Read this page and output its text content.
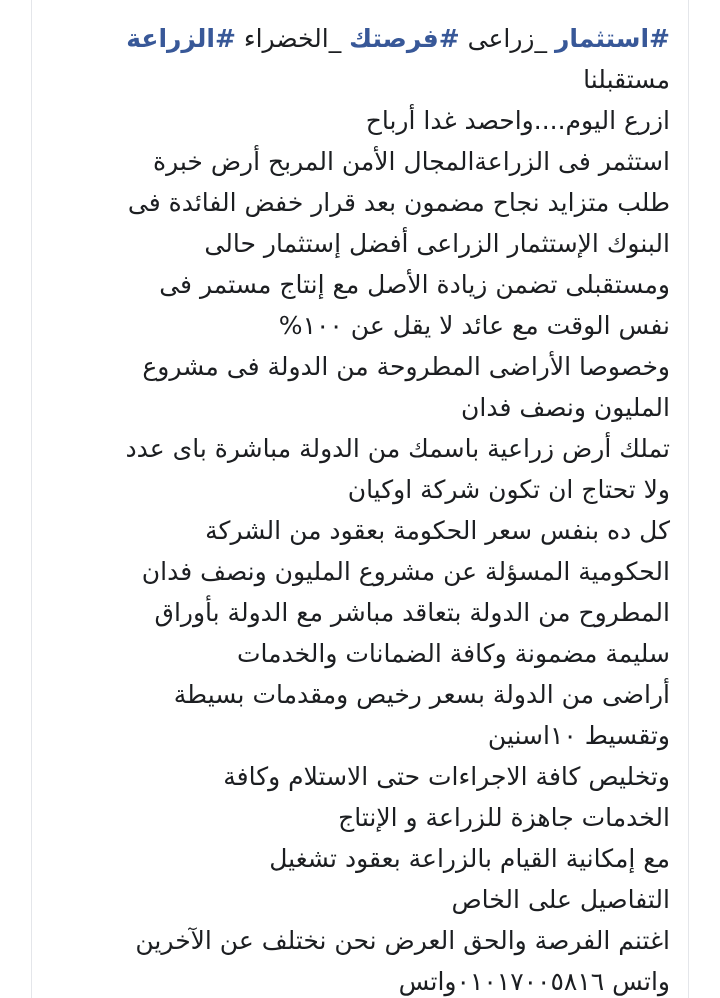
#استثمار _زراعى #فرصتك _الخضراء #الزراعة
مستقبلنا
ازرع اليوم....واحصد غدا أرباح
استثمر فى الزراعةالمجال الأمن المربح أرض خبرة
طلب متزايد نجاح مضمون بعد قرار خفض الفائدة فى
البنوك الإستثمار الزراعى أفضل إستثمار حالى
ومستقبلى تضمن زيادة الأصل مع إنتاج مستمر فى
نفس الوقت مع عائد لا يقل عن ١٠٠%
وخصوصا الأراضى المطروحة من الدولة فى مشروع
المليون ونصف فدان
تملك أرض زراعية باسمك من الدولة مباشرة باى عدد
ولا تحتاج ان تكون شركة اوكيان
كل ده بنفس سعر الحكومة بعقود من الشركة
الحكومية المسؤلة عن مشروع المليون ونصف فدان
المطروح من الدولة بتعاقد مباشر مع الدولة بأوراق
سليمة مضمونة وكافة الضمانات والخدمات
أراضى من الدولة بسعر رخيص ومقدمات بسيطة
وتقسيط ١٠اسنين
وتخليص كافة الاجراءات حتى الاستلام وكافة
الخدمات جاهزة للزراعة و الإنتاج
مع إمكانية القيام بالزراعة بعقود تشغيل
التفاصيل على الخاص
اغتنم الفرصة والحق العرض نحن نختلف عن الآخرين
واتس ٠١٠١٧٠٠٥٨١٦واتس
